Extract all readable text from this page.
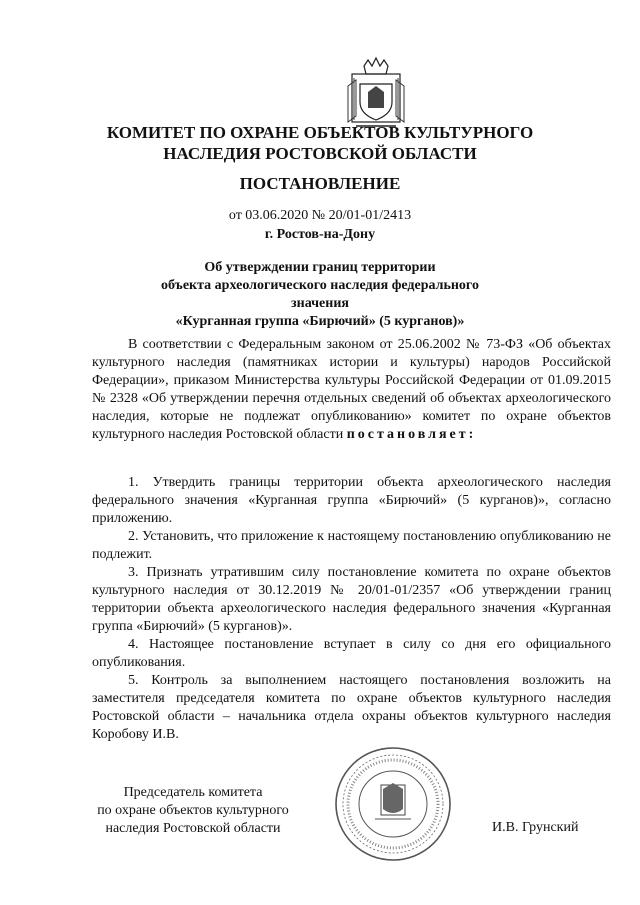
КОМИТЕТ ПО ОХРАНЕ ОБЪЕКТОВ КУЛЬТУРНОГО
НАСЛЕДИЯ РОСТОВСКОЙ ОБЛАСТИ
ПОСТАНОВЛЕНИЕ
от 03.06.2020 № 20/01-01/2413
г. Ростов-на-Дону
Об утверждении границ территории
объекта археологического наследия федерального значения
«Курганная группа «Бирючий» (5 курганов)»

В соответствии с Федеральным законом от 25.06.2002 № 73-ФЗ «Об объектах культурного наследия (памятниках истории и культуры) народов Российской Федерации», приказом Министерства культуры Российской Федерации от 01.09.2015 № 2328 «Об утверждении перечня отдельных сведений об объектах археологического наследия, которые не подлежат опубликованию» комитет по охране объектов культурного наследия Ростовской области постановляет:

1. Утвердить границы территории объекта археологического наследия федерального значения «Курганная группа «Бирючий» (5 курганов)», согласно приложению.

2. Установить, что приложение к настоящему постановлению опубликованию не подлежит.

3. Признать утратившим силу постановление комитета по охране объектов культурного наследия от 30.12.2019 № 20/01-01/2357 «Об утверждении границ территории объекта археологического наследия федерального значения «Курганная группа «Бирючий» (5 курганов)».

4. Настоящее постановление вступает в силу со дня его официального опубликования.

5. Контроль за выполнением настоящего постановления возложить на заместителя председателя комитета по охране объектов культурного наследия Ростовской области – начальника отдела охраны объектов культурного наследия Коробову И.В.

Председатель комитета
по охране объектов культурного
наследия Ростовской области	И.В. Грунский
